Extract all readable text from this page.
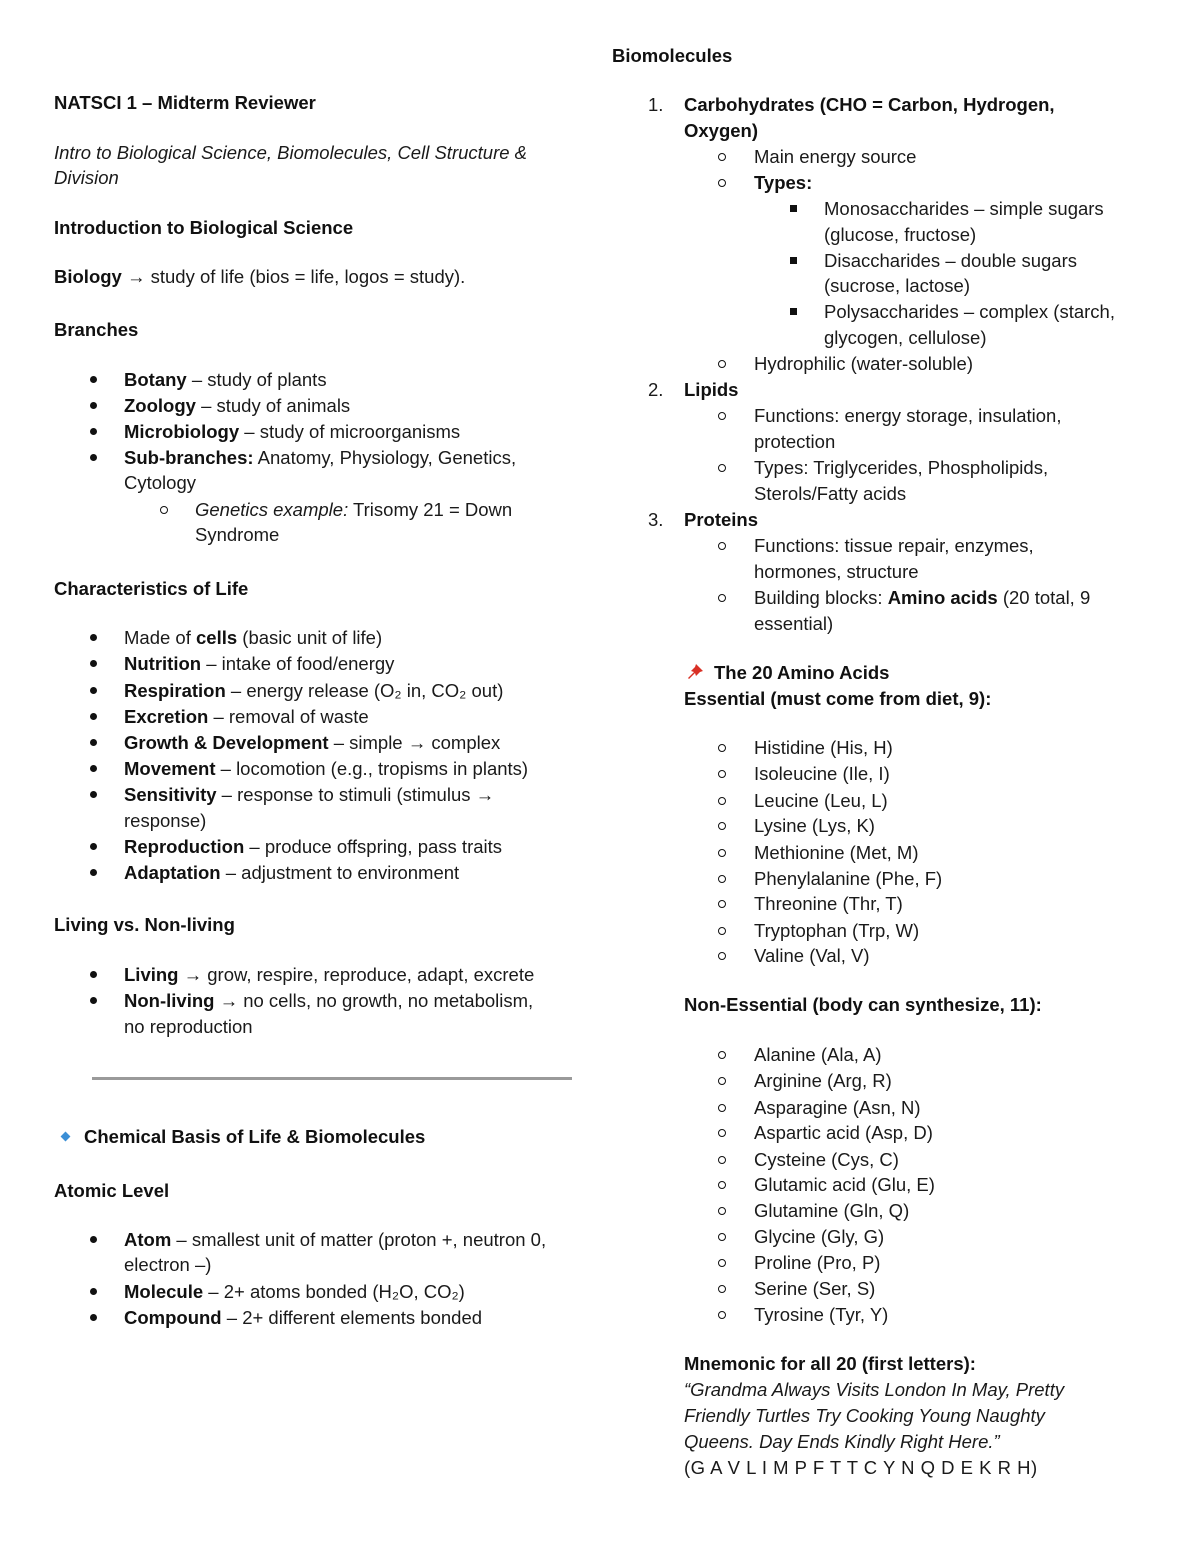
NATSCI 1 – Midterm Reviewer
Intro to Biological Science, Biomolecules, Cell Structure &
Division
Introduction to Biological Science
Biology → study of life (bios = life, logos = study).
Branches
Botany – study of plants
Zoology – study of animals
Microbiology – study of microorganisms
Sub-branches: Anatomy, Physiology, Genetics,
Cytology
Genetics example: Trisomy 21 = Down
Syndrome
Characteristics of Life
Made of cells (basic unit of life)
Nutrition – intake of food/energy
Respiration – energy release (O₂ in, CO₂ out)
Excretion – removal of waste
Growth & Development – simple → complex
Movement – locomotion (e.g., tropisms in plants)
Sensitivity – response to stimuli (stimulus →
response)
Reproduction – produce offspring, pass traits
Adaptation – adjustment to environment
Living vs. Non-living
Living → grow, respire, reproduce, adapt, excrete
Non-living → no cells, no growth, no metabolism,
no reproduction
Chemical Basis of Life & Biomolecules
Atomic Level
Atom – smallest unit of matter (proton +, neutron 0,
electron –)
Molecule – 2+ atoms bonded (H₂O, CO₂)
Compound – 2+ different elements bonded
Biomolecules
1. Carbohydrates (CHO = Carbon, Hydrogen,
Oxygen)
Main energy source
Types:
Monosaccharides – simple sugars
(glucose, fructose)
Disaccharides – double sugars
(sucrose, lactose)
Polysaccharides – complex (starch,
glycogen, cellulose)
Hydrophilic (water-soluble)
2. Lipids
Functions: energy storage, insulation,
protection
Types: Triglycerides, Phospholipids,
Sterols/Fatty acids
3. Proteins
Functions: tissue repair, enzymes,
hormones, structure
Building blocks: Amino acids (20 total, 9
essential)
The 20 Amino Acids
Essential (must come from diet, 9):
Histidine (His, H)
Isoleucine (Ile, I)
Leucine (Leu, L)
Lysine (Lys, K)
Methionine (Met, M)
Phenylalanine (Phe, F)
Threonine (Thr, T)
Tryptophan (Trp, W)
Valine (Val, V)
Non-Essential (body can synthesize, 11):
Alanine (Ala, A)
Arginine (Arg, R)
Asparagine (Asn, N)
Aspartic acid (Asp, D)
Cysteine (Cys, C)
Glutamic acid (Glu, E)
Glutamine (Gln, Q)
Glycine (Gly, G)
Proline (Pro, P)
Serine (Ser, S)
Tyrosine (Tyr, Y)
Mnemonic for all 20 (first letters):
“Grandma Always Visits London In May, Pretty
Friendly Turtles Try Cooking Young Naughty
Queens. Day Ends Kindly Right Here.”
(G A V L I M P F T T C Y N Q D E K R H)
